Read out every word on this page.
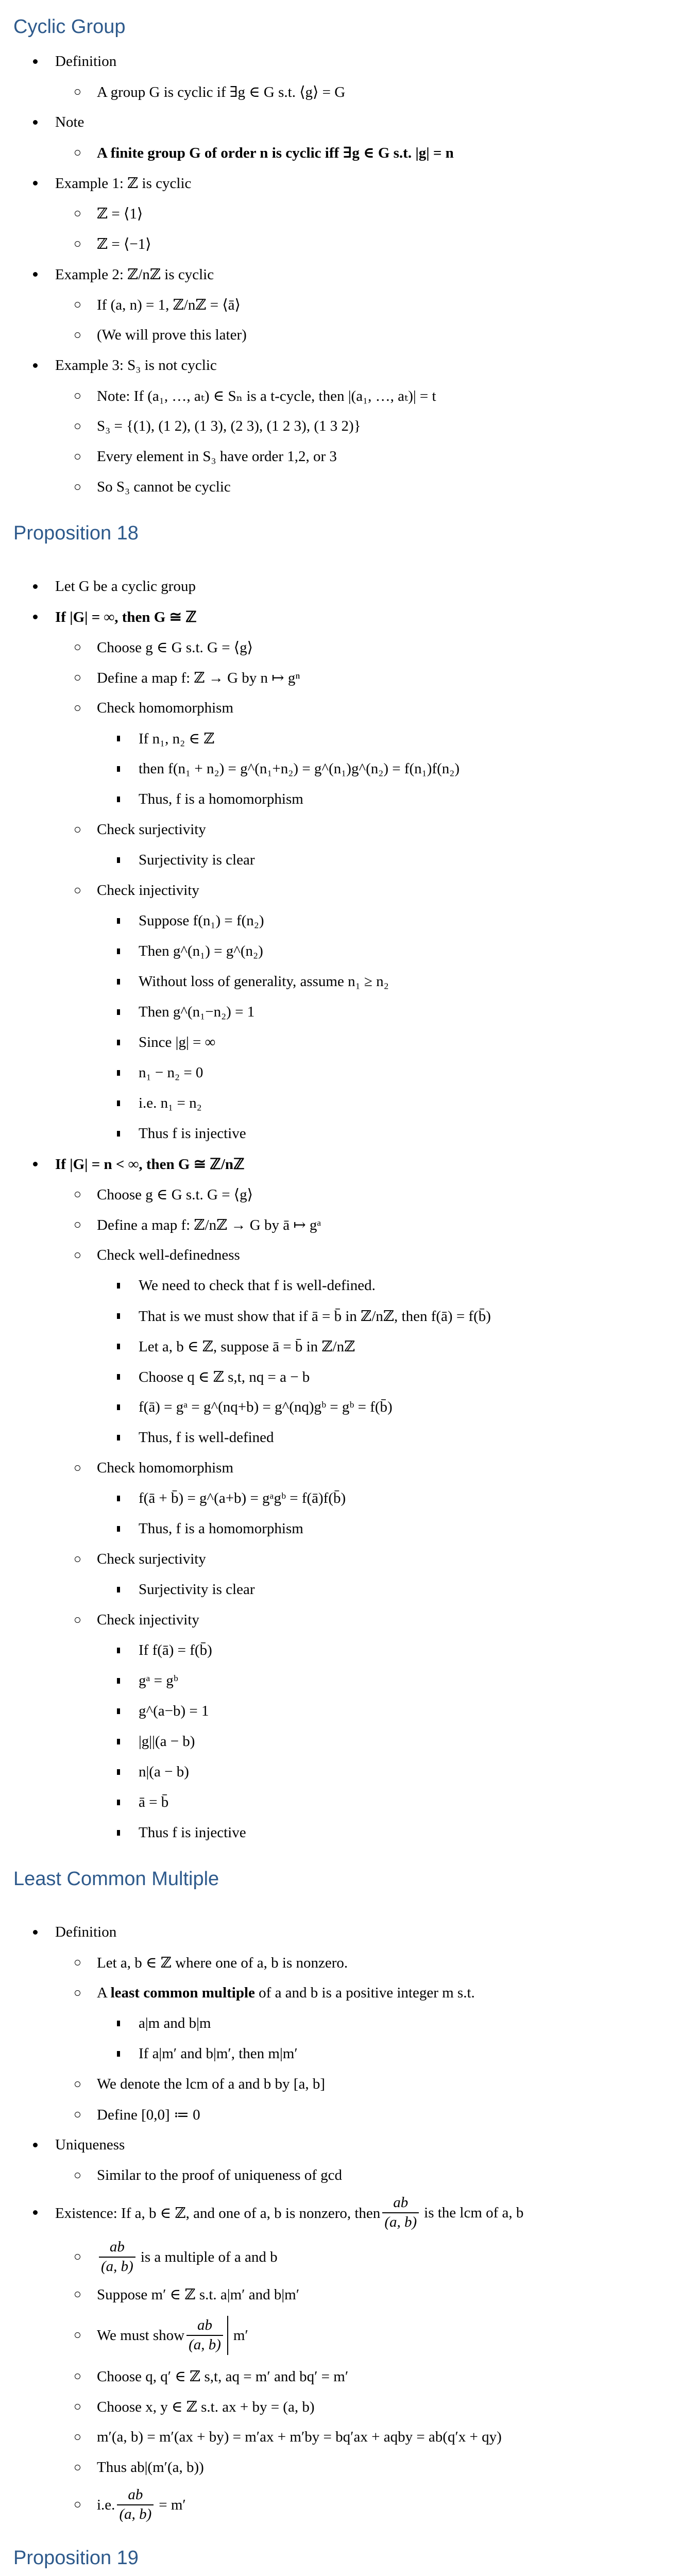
Cyclic Group
Definition
A group G is cyclic if ∃g ∈ G s.t. ⟨g⟩ = G
Note
A finite group G of order n is cyclic iff ∃g ∈ G s.t. |g| = n
Example 1: ℤ is cyclic
ℤ = ⟨1⟩
ℤ = ⟨−1⟩
Example 2: ℤ/nℤ is cyclic
If (a, n) = 1, ℤ/nℤ = ⟨ā⟩
(We will prove this later)
Example 3: S₃ is not cyclic
Note: If (a₁, …, aₜ) ∈ Sₙ is a t-cycle, then |(a₁, …, aₜ)| = t
S₃ = {(1), (1 2), (1 3), (2 3), (1 2 3), (1 3 2)}
Every element in S₃ have order 1,2, or 3
So S₃ cannot be cyclic
Proposition 18
Let G be a cyclic group
If |G| = ∞, then G ≅ ℤ
Choose g ∈ G s.t. G = ⟨g⟩
Define a map f: ℤ → G by n ↦ gⁿ
Check homomorphism
If n₁, n₂ ∈ ℤ
then f(n₁ + n₂) = g^(n₁+n₂) = g^(n₁)g^(n₂) = f(n₁)f(n₂)
Thus, f is a homomorphism
Check surjectivity
Surjectivity is clear
Check injectivity
Suppose f(n₁) = f(n₂)
Then g^(n₁) = g^(n₂)
Without loss of generality, assume n₁ ≥ n₂
Then g^(n₁−n₂) = 1
Since |g| = ∞
n₁ − n₂ = 0
i.e. n₁ = n₂
Thus f is injective
If |G| = n < ∞, then G ≅ ℤ/nℤ
Choose g ∈ G s.t. G = ⟨g⟩
Define a map f: ℤ/nℤ → G by ā ↦ gᵃ
Check well-definedness
We need to check that f is well-defined.
That is we must show that if ā = b̄ in ℤ/nℤ, then f(ā) = f(b̄)
Let a, b ∈ ℤ, suppose ā = b̄ in ℤ/nℤ
Choose q ∈ ℤ s,t, nq = a − b
f(ā) = gᵃ = g^(nq+b) = g^(nq)gᵇ = gᵇ = f(b̄)
Thus, f is well-defined
Check homomorphism
f(ā + b̄) = g^(a+b) = gᵃgᵇ = f(ā)f(b̄)
Thus, f is a homomorphism
Check surjectivity
Surjectivity is clear
Check injectivity
If f(ā) = f(b̄)
gᵃ = gᵇ
g^(a−b) = 1
|g||(a − b)
n|(a − b)
ā = b̄
Thus f is injective
Least Common Multiple
Definition
Let a, b ∈ ℤ where one of a, b is nonzero.
A least common multiple of a and b is a positive integer m s.t.
a|m and b|m
If a|m′ and b|m′, then m|m′
We denote the lcm of a and b by [a, b]
Define [0,0] ≔ 0
Uniqueness
Similar to the proof of uniqueness of gcd
Existence: If a, b ∈ ℤ, and one of a, b is nonzero, then $\frac{ab}{(a, b)}$ is the lcm of a, b
$\frac{ab}{(a, b)}$ is a multiple of a and b
Suppose m′ ∈ ℤ s.t. a|m′ and b|m′
We must show $\frac{ab}{(a, b)} m'$
Choose q, q′ ∈ ℤ s,t, aq = m′ and bq′ = m′
Choose x, y ∈ ℤ s.t. ax + by = (a, b)
m′(a, b) = m′(ax + by) = m′ax + m′by = bq′ax + aqby = ab(q′x + qy)
Thus ab|(m′(a, b))
i.e. $\frac{ab}{(a, b)} = m'$
Proposition 19
